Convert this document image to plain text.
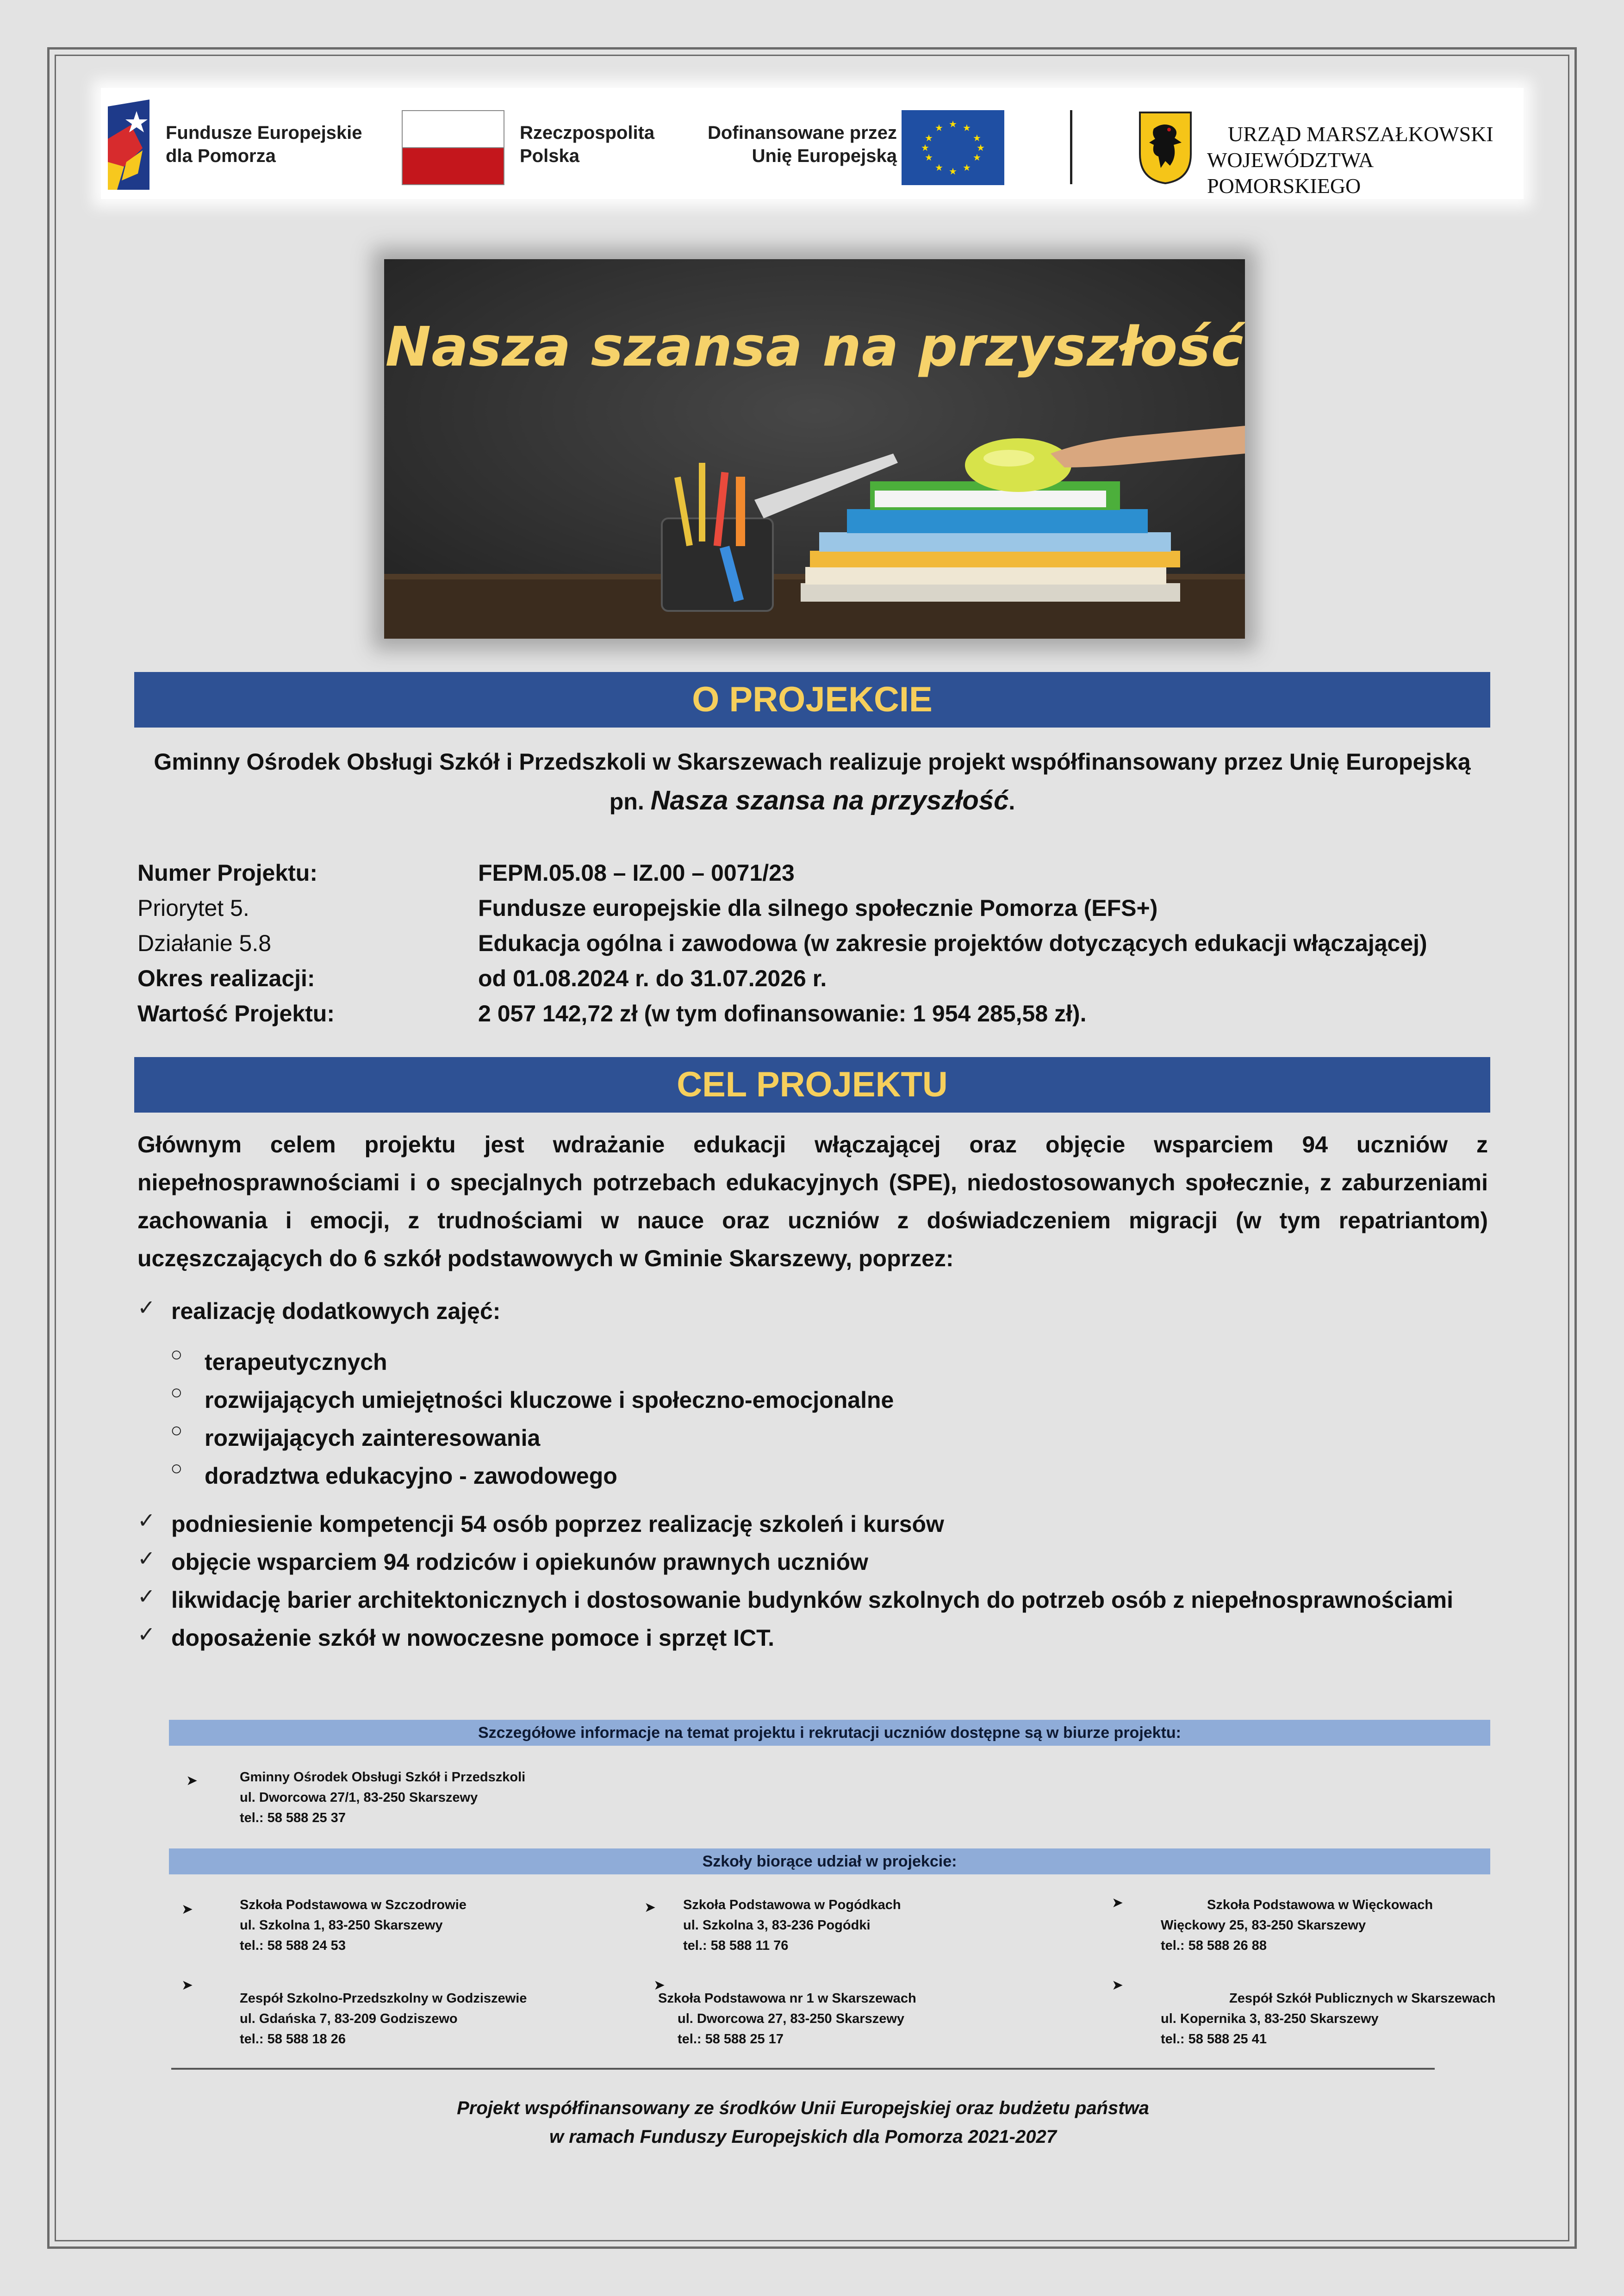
Fundusze Europejskie
dla Pomorza
Rzeczpospolita
Polska
Dofinansowane przez
Unię Europejską
★ ★
★
★
★
★
★
★
★
★
★
★	URZĄD MARSZAŁKOWSKI
WOJEWÓDZTWA POMORSKIEGO
Nasza szansa na przyszłość
O PROJEKCIE
Gminny Ośrodek Obsługi Szkół i Przedszkoli w Skarszewach realizuje projekt współfinansowany przez Unię Europejską
pn. Nasza szansa na przyszłość.
Numer Projektu:	FEPM.05.08 – IZ.00 – 0071/23
Priorytet 5.	Fundusze europejskie dla silnego społecznie Pomorza (EFS+)
Działanie 5.8	Edukacja ogólna i zawodowa (w zakresie projektów dotyczących edukacji włączającej)
Okres realizacji:	od 01.08.2024 r. do 31.07.2026 r.
Wartość Projektu:	2 057 142,72 zł (w tym dofinansowanie: 1 954 285,58 zł).
CEL PROJEKTU
Głównym celem projektu jest wdrażanie edukacji włączającej oraz objęcie wsparciem 94 uczniów z niepełnosprawnościami i o specjalnych potrzebach edukacyjnych (SPE), niedostosowanych społecznie, z zaburzeniami zachowania i emocji, z trudnościami w nauce oraz uczniów z doświadczeniem migracji (w tym repatriantom) uczęszczających do 6 szkół podstawowych w Gminie Skarszewy, poprzez:
✓ realizację dodatkowych zajęć:
○ terapeutycznych
○ rozwijających umiejętności kluczowe i społeczno-emocjonalne
○ rozwijających zainteresowania
○ doradztwa edukacyjno - zawodowego
✓ podniesienie kompetencji 54 osób poprzez realizację szkoleń i kursów
✓ objęcie wsparciem 94 rodziców i opiekunów prawnych uczniów
✓ likwidację barier architektonicznych i dostosowanie budynków szkolnych do potrzeb osób z niepełnosprawnościami
✓ doposażenie szkół w nowoczesne pomoce i sprzęt ICT.
Szczegółowe informacje na temat projektu i rekrutacji uczniów dostępne są w biurze projektu:
➤	Gminny Ośrodek Obsługi Szkół i Przedszkoli
ul. Dworcowa 27/1, 83-250 Skarszewy
tel.: 58 588 25 37
Szkoły biorące udział w projekcie:
➤	Szkoła Podstawowa w Szczodrowie
ul. Szkolna 1, 83-250 Skarszewy
tel.: 58 588 24 53
➤ Szkoła Podstawowa w Pogódkach
ul. Szkolna 3, 83-236 Pogódki
tel.: 58 588 11 76
➤	Szkoła Podstawowa w Więckowach
Więckowy 25, 83-250 Skarszewy
tel.: 58 588 26 88
➤
Zespół Szkolno-Przedszkolny w Godziszewie
ul. Gdańska 7, 83-209 Godziszewo
tel.: 58 588 18 26
➤
Szkoła Podstawowa nr 1 w Skarszewach
ul. Dworcowa 27, 83-250 Skarszewy
tel.: 58 588 25 17
➤
Zespół Szkół Publicznych w Skarszewach
ul. Kopernika 3, 83-250 Skarszewy
tel.: 58 588 25 41
Projekt współfinansowany ze środków Unii Europejskiej oraz budżetu państwa
w ramach Funduszy Europejskich dla Pomorza 2021-2027
